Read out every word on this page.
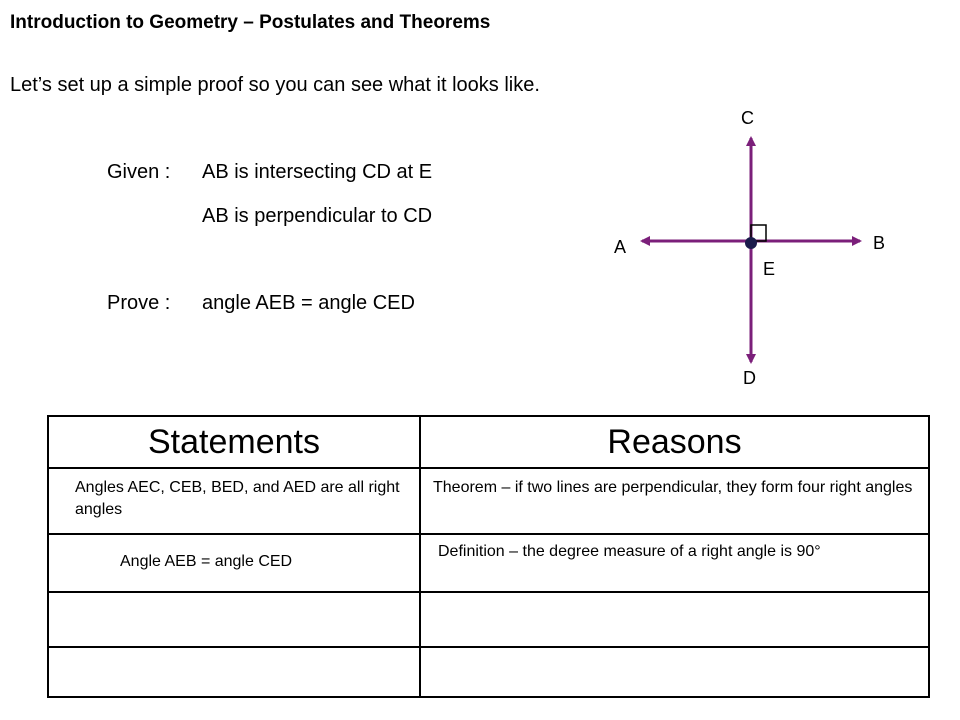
Introduction to Geometry – Postulates and Theorems
Let’s set up a simple proof so you can see what it looks like.
Given : AB is intersecting CD at E
AB is perpendicular to CD
Prove : angle AEB = angle CED
C
A	B
E
D
Statements	Reasons
Angles AEC, CEB, BED, and AED are all right angles
Theorem – if two lines are perpendicular, they form four right angles
Angle AEB = angle CED
Definition – the degree measure of a right angle is 90°
